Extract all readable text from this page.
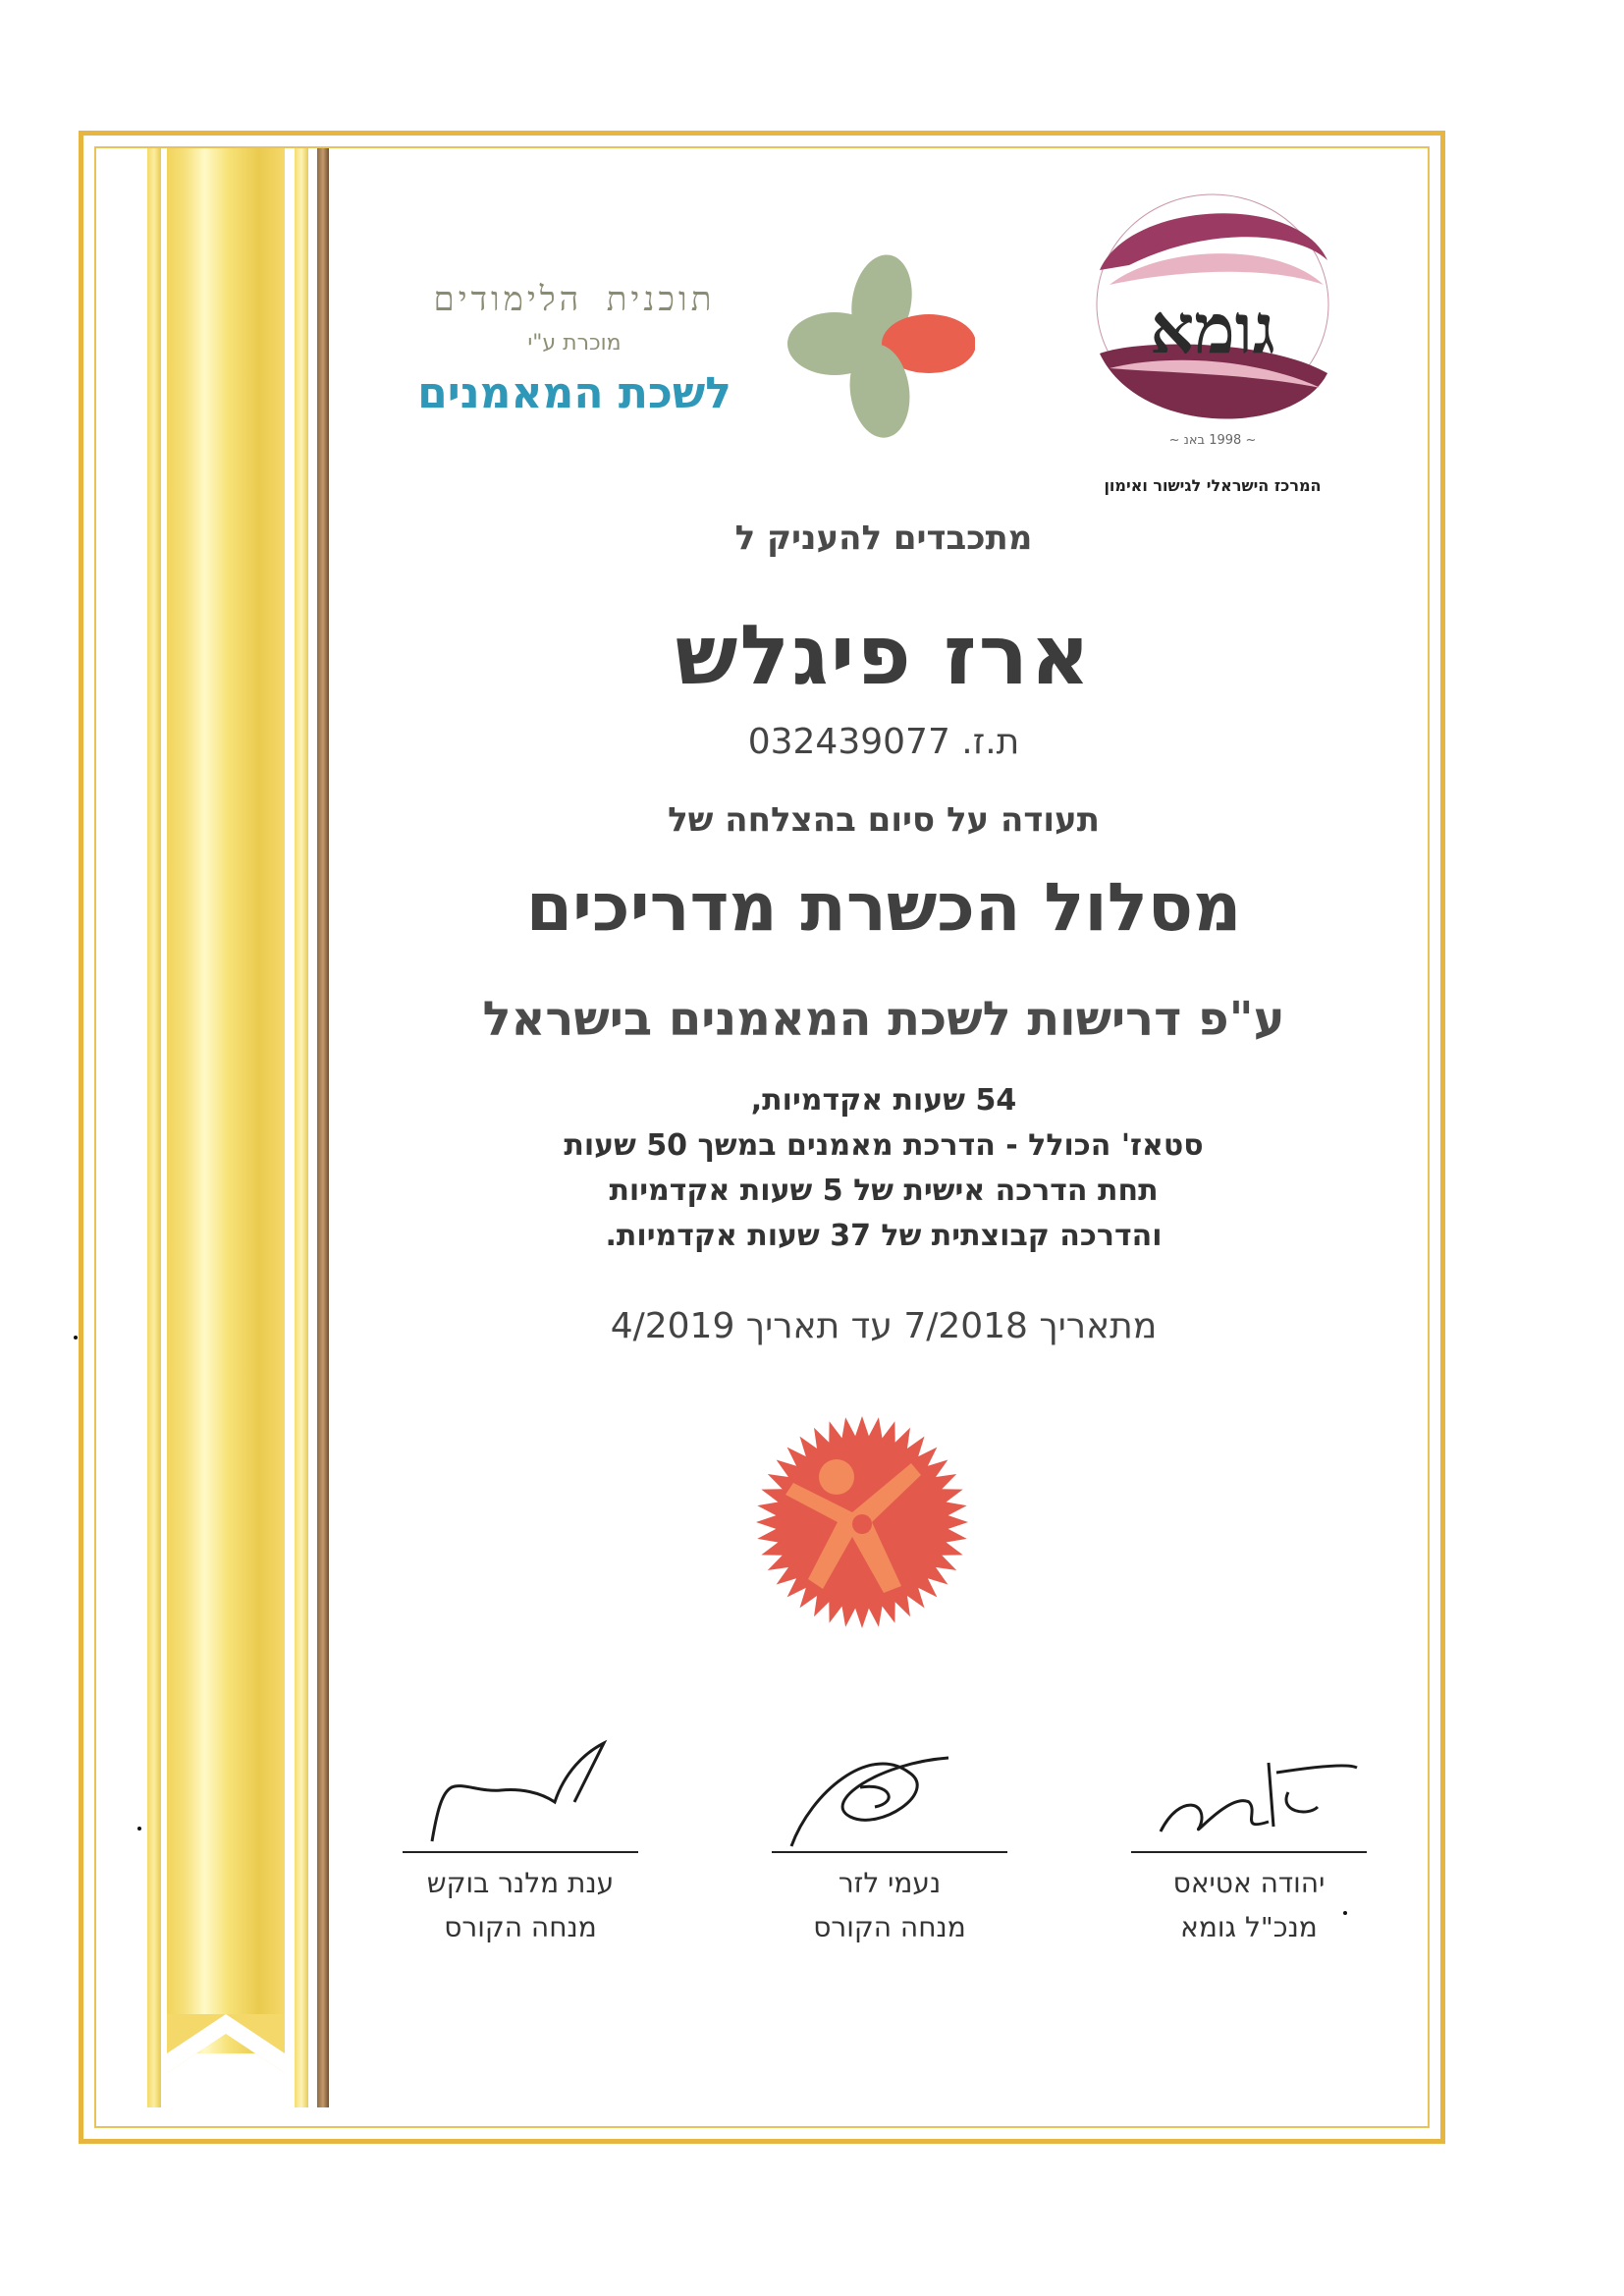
גומא
~ 1998 באנ ~
המרכז הישראלי לגישור ואימון
תוכנית הלימודים
מוכרת ע"י
לשכת המאמנים
מתכבדים להעניק ל
ארז פיגלש
ת.ז. 032439077
תעודה על סיום בהצלחה של
מסלול הכשרת מדריכים
ע"פ דרישות לשכת המאמנים בישראל
54 שעות אקדמיות,
סטאז' הכולל - הדרכת מאמנים במשך 50 שעות
תחת הדרכה אישית של 5 שעות אקדמיות
והדרכה קבוצתית של 37 שעות אקדמיות.
מתאריך 7/2018 עד תאריך 4/2019
יהודה אטיאס
מנכ"ל גומא
נעמי לזר
מנחה הקורס
ענת מלנר בוקש
מנחה הקורס
